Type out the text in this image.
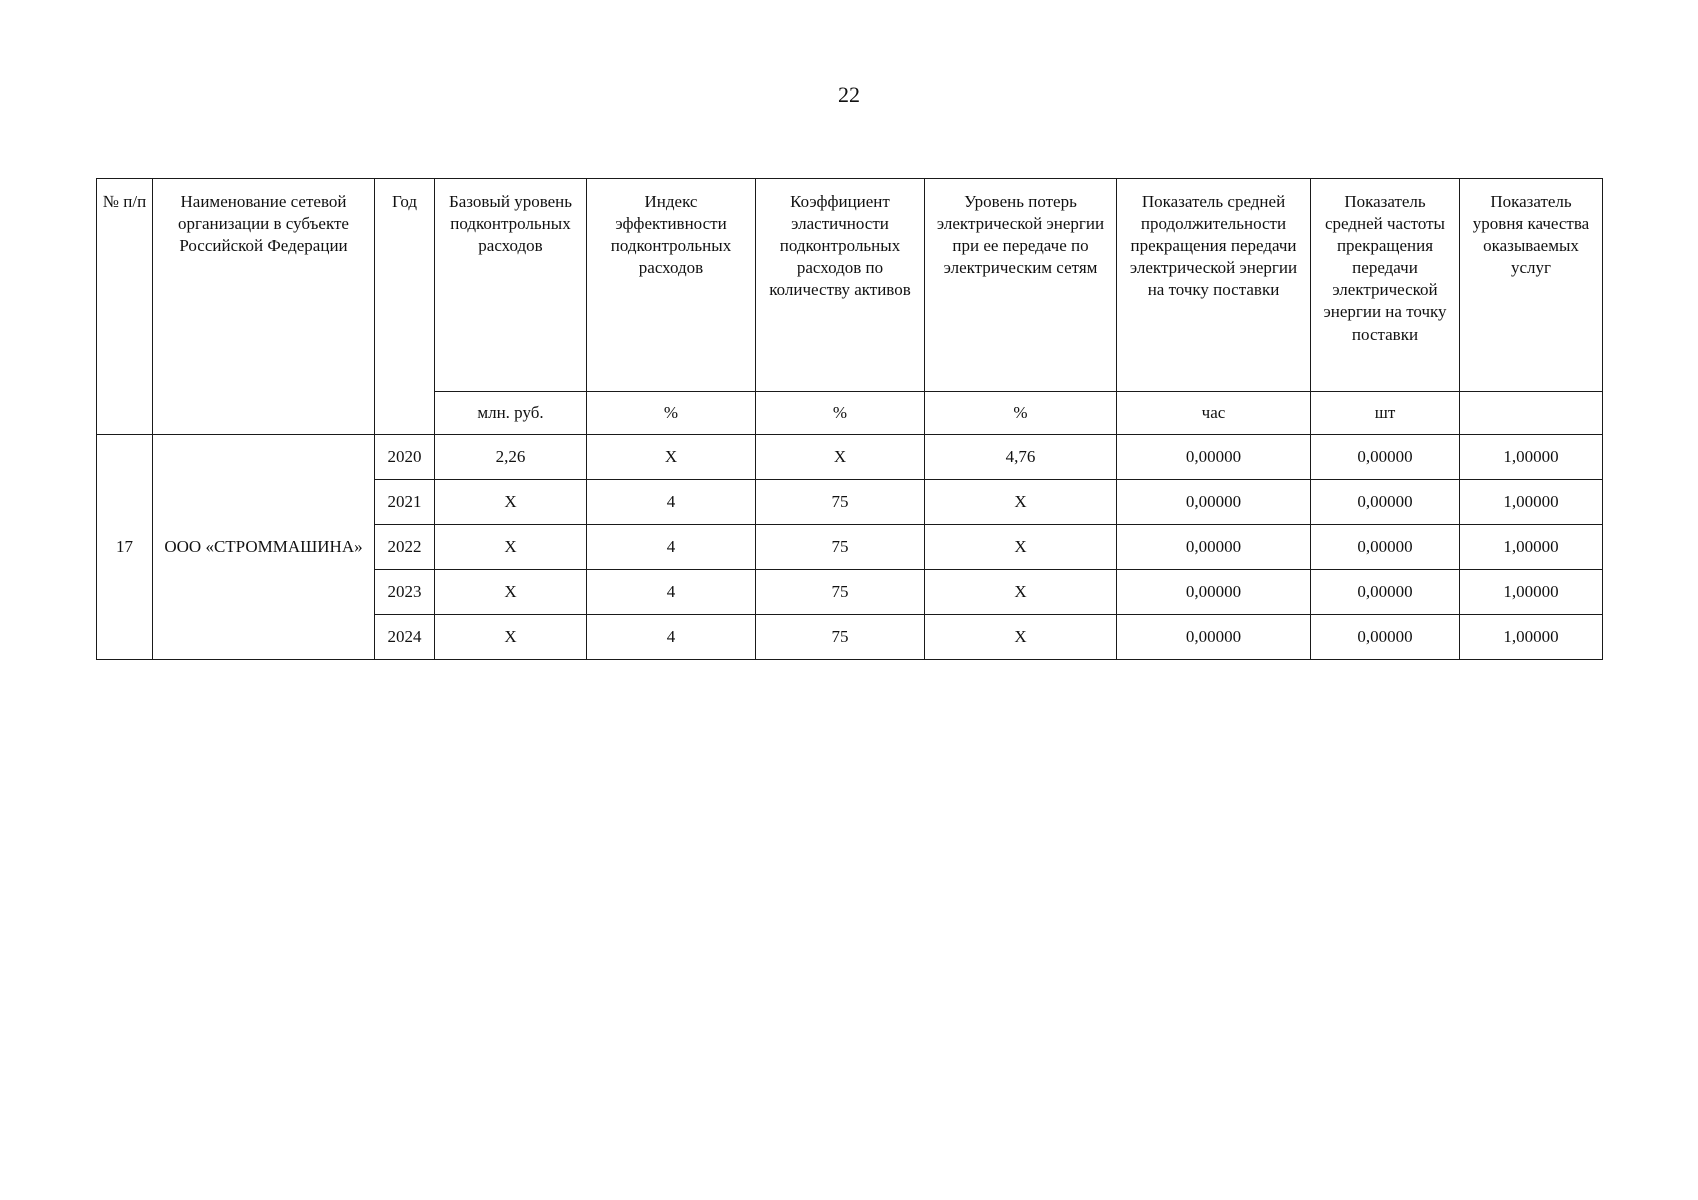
22
№ п/п	Наименование сетевой организации в субъекте Российской Федерации	Год	Базовый уровень подконтрольных расходов	Индекс эффективности подконтрольных расходов	Коэффициент эластичности подконтрольных расходов по количеству активов	Уровень потерь электрической энергии при ее передаче по электрическим сетям	Показатель средней продолжительности прекращения передачи электрической энергии на точку поставки	Показатель средней частоты прекращения передачи электрической энергии на точку поставки	Показатель уровня качества оказываемых услуг
			млн. руб.	%	%	%	час	шт	
17	ООО «СТРОММАШИНА»	2020	2,26	X	X	4,76	0,00000	0,00000	1,00000
		2021	X	4	75	X	0,00000	0,00000	1,00000
		2022	X	4	75	X	0,00000	0,00000	1,00000
		2023	X	4	75	X	0,00000	0,00000	1,00000
		2024	X	4	75	X	0,00000	0,00000	1,00000
